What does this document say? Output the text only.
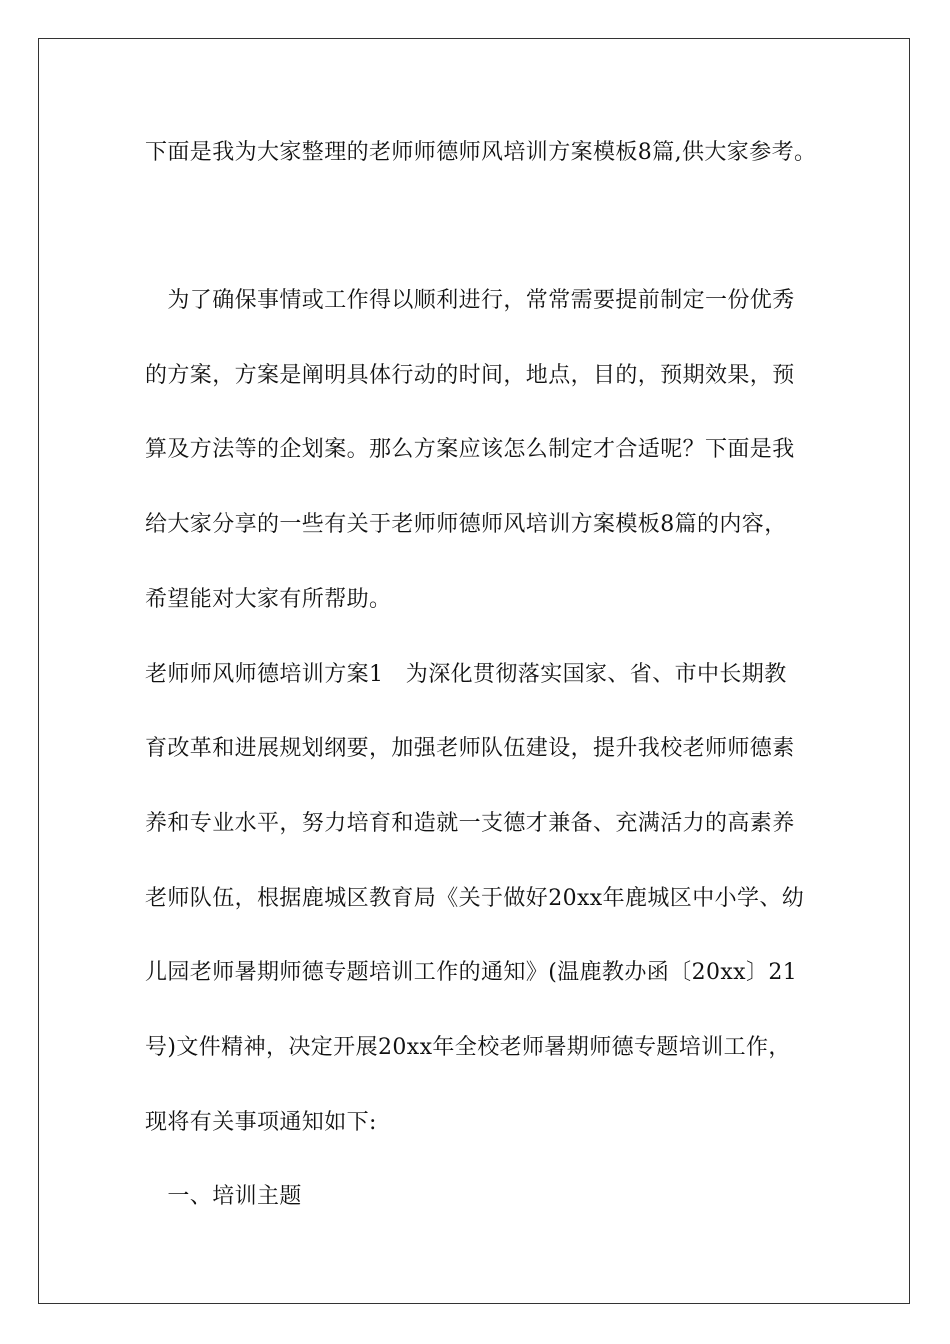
下面是我为大家整理的老师师德师风培训方案模板8篇,供大家参考。
　为了确保事情或工作得以顺利进行，常常需要提前制定一份优秀
的方案，方案是阐明具体行动的时间，地点，目的，预期效果，预
算及方法等的企划案。那么方案应该怎么制定才合适呢？下面是我
给大家分享的一些有关于老师师德师风培训方案模板8篇的内容，
希望能对大家有所帮助。
老师师风师德培训方案1　为深化贯彻落实国家、省、市中长期教
育改革和进展规划纲要，加强老师队伍建设，提升我校老师师德素
养和专业水平，努力培育和造就一支德才兼备、充满活力的高素养
老师队伍，根据鹿城区教育局《关于做好20xx年鹿城区中小学、幼
儿园老师暑期师德专题培训工作的通知》(温鹿教办函〔20xx〕21
号)文件精神，决定开展20xx年全校老师暑期师德专题培训工作，
现将有关事项通知如下:
　一、培训主题
